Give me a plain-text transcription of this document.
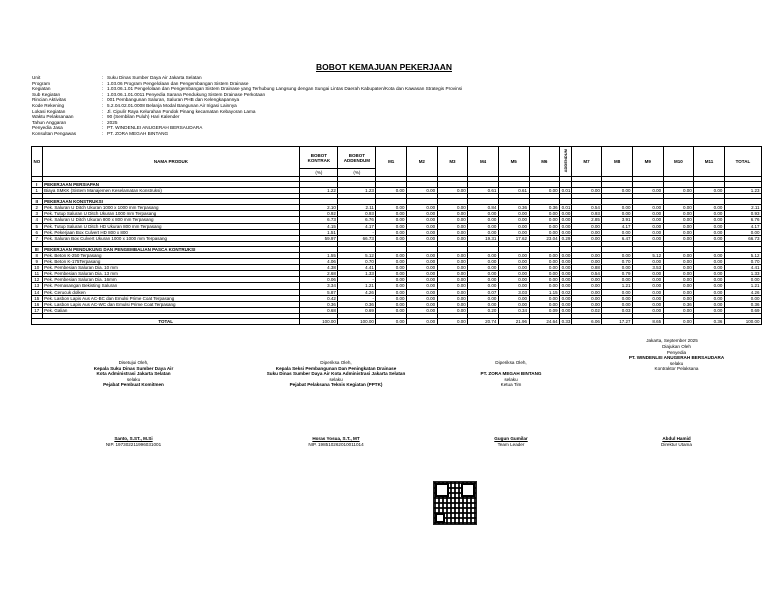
BOBOT KEMAJUAN PEKERJAAN
Unit	: Suku Dinas Sumber Daya Air Jakarta Selatan
Program	: 1.03.06 Program Pengelolaan dan Pengembangan Sistem Drainase
Kegiatan	: 1.03.06.1.01 Pengelolaan dan Pengembangan Sistem Drainase yang Terhubung Langsung dengan Sungai Lintas Daerah Kabupaten/Kota dan Kawasan Strategis Provinsi
Sub Kegiatan	: 1.03.06.1.01.0011 Penyedia Sarana Pendukung Sistem Drainase Perkotaan
Rincian Aktivitas	: 001 Pembangunan Saluran, Saluran PHB dan Kelengkapannya
Kode Rekening	: 5.2.04.02.01.0008 Belanja Modal Bangunan Air Irigasi Lainnya
Lokasi Kegiatan	: Jl. Cipulir Raya Kelurahan Pondok Pinang kecamatan Kebayoran Lama
Waktu Pelaksanaan	: 90 (Sembilan Puluh) Hari Kalender
Tahun Anggaran	: 2025
Penyedia Jasa	: PT. WINDENLEI ANUGERAH BERSAUDARA
Konsultan Pengawas	: PT. ZORA MEGAH BINTANG
NO	NAMA PRODUK	BOBOT KONTRAK	BOBOT ADDENDUM	M1	M2	M3	M4	M5	M6	ADDENDUM	M7	M8	M9	M10	M11	TOTAL
		(%)	(%)													

I	PEKERJAAN PERSIAPAN															
1	Biaya SMKK (Sistem Manajemen Keselamatan Konstruksi)	1.22	1.23	0.00	0.00	0.00	0.61	0.61	0.00	0.01	0.00	0.00	0.00	0.00	0.00	1.23

II	PEKERJAAN KONSTRUKSI															
2	Pek. Saluran U Ditch Ukuran 1000 x 1000 mm Terpasang	2.10	2.11	0.00	0.00	0.00	0.84	0.36	0.36	0.01	0.54	0.00	0.00	0.00	0.00	2.11
3	Pek. Tutup Saluran U Ditch Ukuran 1000 mm Terpasang	0.92	0.93	0.00	0.00	0.00	0.00	0.00	0.00	0.00	0.93	0.00	0.00	0.00	0.00	0.93
4	Pek. Saluran U Ditch Ukuran 800 x 800 mm Terpasang	6.73	6.76	0.00	0.00	0.00	0.00	0.00	0.00	0.00	2.85	3.91	0.00	0.00	0.00	6.76
5	Pek. Tutup Saluran U Ditch HD Ukuran 800 mm Terpasang	4.15	4.17	0.00	0.00	0.00	0.00	0.00	0.00	0.00	0.00	4.17	0.00	0.00	0.00	4.17
6	Pek. Pekerjaan Box Culvert HD 800 x 800	1.51	-	0.00	0.00	0.00	0.00	0.00	0.00	0.00	0.00	0.00	0.00	0.00	0.00	0.00
7	Pek. Saluran Box Culvert Ukuran 1000 x 1000 mm Terpasang	59.97	66.73	0.00	0.00	0.00	19.31	17.62	23.04	0.29	0.00	6.47	0.00	0.00	0.00	66.73

III	PEKERJAAN PENDUKUNG DAN PENGEMBALIAN PASCA KONTRUKSI															
8	Pek. Beton K-250 Terpasang	1.55	5.12	0.00	0.00	0.00	0.00	0.00	0.00	0.00	0.00	0.00	5.12	0.00	0.00	5.12
9	Pek. Beton K-175Terpasang	4.06	0.70	0.00	0.00	0.00	0.00	0.00	0.00	0.00	0.00	0.70	0.00	0.00	0.00	0.70
10	Pek. Pembesian Saluran Dia. 10 mm	4.38	4.41	0.00	0.00	0.00	0.00	0.00	0.00	0.00	0.88	0.00	3.53	0.00	0.00	4.41
11	Pek. Pembesian Saluran Dia. 13 mm	2.68	1.33	0.00	0.00	0.00	0.00	0.00	0.00	0.00	0.54	0.79	0.00	0.00	0.00	1.33
12	Pek. Pembesian Saluran Dia. 16mm	0.06	-	0.00	0.00	0.00	0.00	0.00	0.00	0.00	0.00	0.00	0.00	0.00	0.00	0.00
13	Pek. Pemasangan Bekisting Saluran	3.34	1.21	0.00	0.00	0.00	0.00	0.00	0.00	0.00	0.00	1.21	0.00	0.00	0.00	1.21
14	Pek. Cerucuk dolken	5.87	4.26	0.00	0.00	0.00	0.07	3.03	1.15	0.02	0.00	0.00	0.00	0.00	0.00	4.26
15	Pek. Lasbon Lapis Aus AC-BC dan Emulsi Prime Coat Terpasang	0.42	-	0.00	0.00	0.00	0.00	0.00	0.00	0.00	0.00	0.00	0.00	0.00	0.00	0.00
16	Pek. Lasbon Lapis Aus AC-WC dan Emulsi Prime Coat Terpasang	0.36	0.36	0.00	0.00	0.00	0.00	0.00	0.00	0.00	0.00	0.00	0.00	0.36	0.00	0.36
17	Pek. Galian	0.68	0.69	0.00	0.00	0.00	0.20	0.34	0.09	0.00	0.02	0.03	0.00	0.00	0.00	0.69

TOTAL		100.00	100.00	0.00	0.00	0.00	20.74	21.96	24.64	0.33	6.06	17.27	8.65	0.00	0.36	100.00
Jakarta, September 2025
Disetujui Oleh,
Kepala Suku Dinas Sumber Daya Air
Kota Administrasi Jakarta Selatan
selaku
Pejabat Pembuat Komitmen
Santo, S.ST., M.Si
NIP. 197302211996031001
Diperiksa Oleh,
Kepala Seksi Pembangunan Dan Peningkatan Drainase
Suku Dinas Sumber Daya Air Kota Administrasi Jakarta Selatan
selaku
Pejabat Pelaksana Teknis Kegiatan (PPTK)
Horas Yosua, S.T., MT
NIP. 198510262010011014
Diperiksa Oleh,

PT. ZORA MEGAH BINTANG
selaku
Ketua Tim
Gugun Gumilar
Team Leader
Diajukan Oleh
Penyedia
PT. WINDENLEI ANUGERAH BERSAUDARA
selaku
Kontraktor Pelaksana
Abdul Hamid
Direktur Utama
